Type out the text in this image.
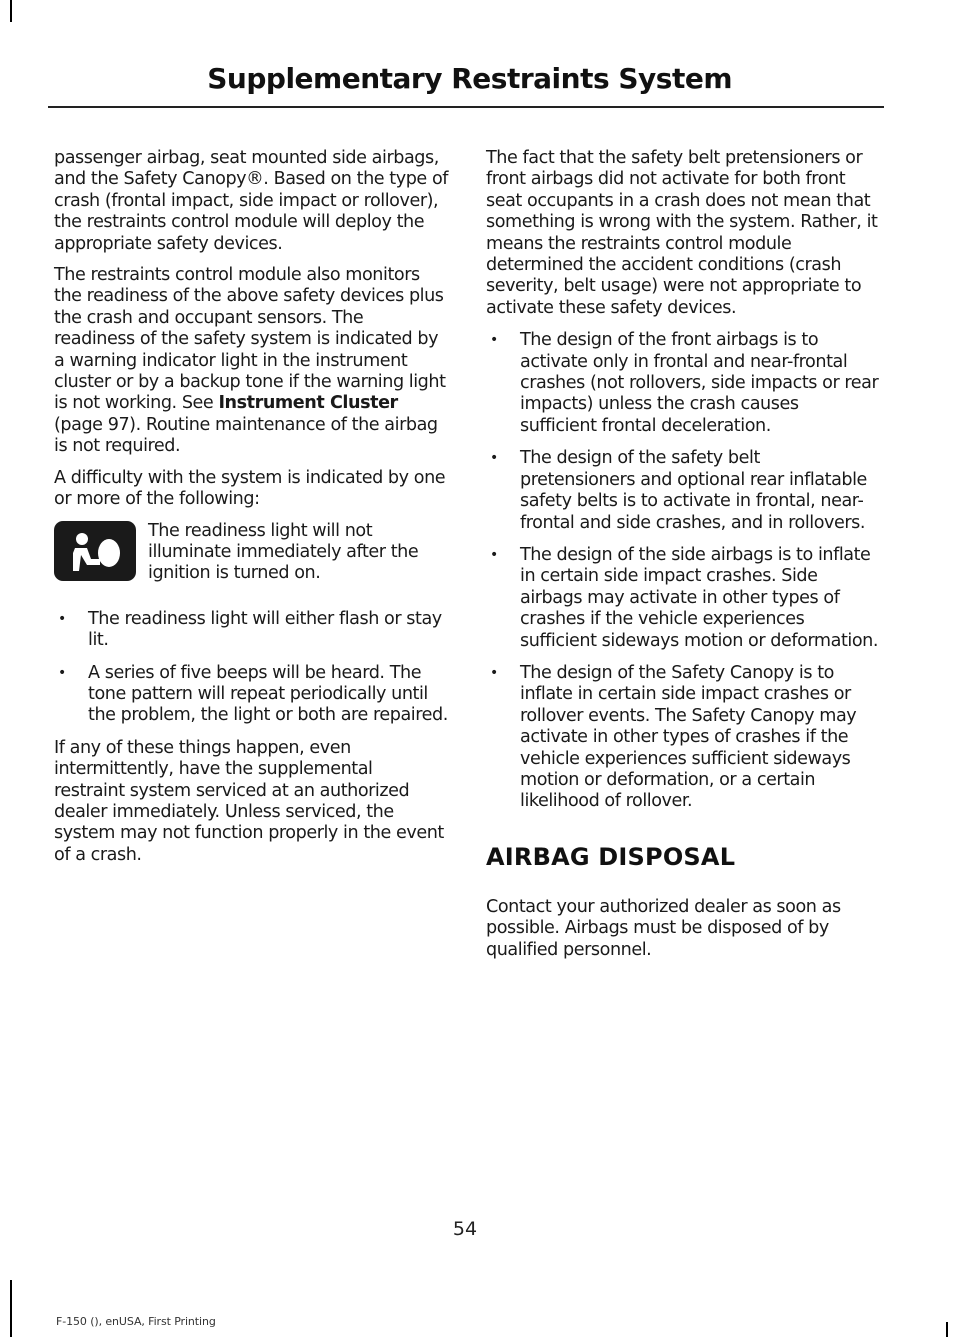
Supplementary Restraints System

passenger airbag, seat mounted side airbags, and the Safety Canopy®. Based on the type of crash (frontal impact, side impact or rollover), the restraints control module will deploy the appropriate safety devices.

The restraints control module also monitors the readiness of the above safety devices plus the crash and occupant sensors. The readiness of the safety system is indicated by a warning indicator light in the instrument cluster or by a backup tone if the warning light is not working. See Instrument Cluster (page 97). Routine maintenance of the airbag is not required.

A difficulty with the system is indicated by one or more of the following:

The readiness light will not illuminate immediately after the ignition is turned on.

• The readiness light will either flash or stay lit.
• A series of five beeps will be heard. The tone pattern will repeat periodically until the problem, the light or both are repaired.

If any of these things happen, even intermittently, have the supplemental restraint system serviced at an authorized dealer immediately. Unless serviced, the system may not function properly in the event of a crash.

The fact that the safety belt pretensioners or front airbags did not activate for both front seat occupants in a crash does not mean that something is wrong with the system. Rather, it means the restraints control module determined the accident conditions (crash severity, belt usage) were not appropriate to activate these safety devices.

• The design of the front airbags is to activate only in frontal and near-frontal crashes (not rollovers, side impacts or rear impacts) unless the crash causes sufficient frontal deceleration.
• The design of the safety belt pretensioners and optional rear inflatable safety belts is to activate in frontal, near-frontal and side crashes, and in rollovers.
• The design of the side airbags is to inflate in certain side impact crashes. Side airbags may activate in other types of crashes if the vehicle experiences sufficient sideways motion or deformation.
• The design of the Safety Canopy is to inflate in certain side impact crashes or rollover events. The Safety Canopy may activate in other types of crashes if the vehicle experiences sufficient sideways motion or deformation, or a certain likelihood of rollover.
AIRBAG DISPOSAL

Contact your authorized dealer as soon as possible. Airbags must be disposed of by qualified personnel.

54
F-150 (), enUSA, First Printing
